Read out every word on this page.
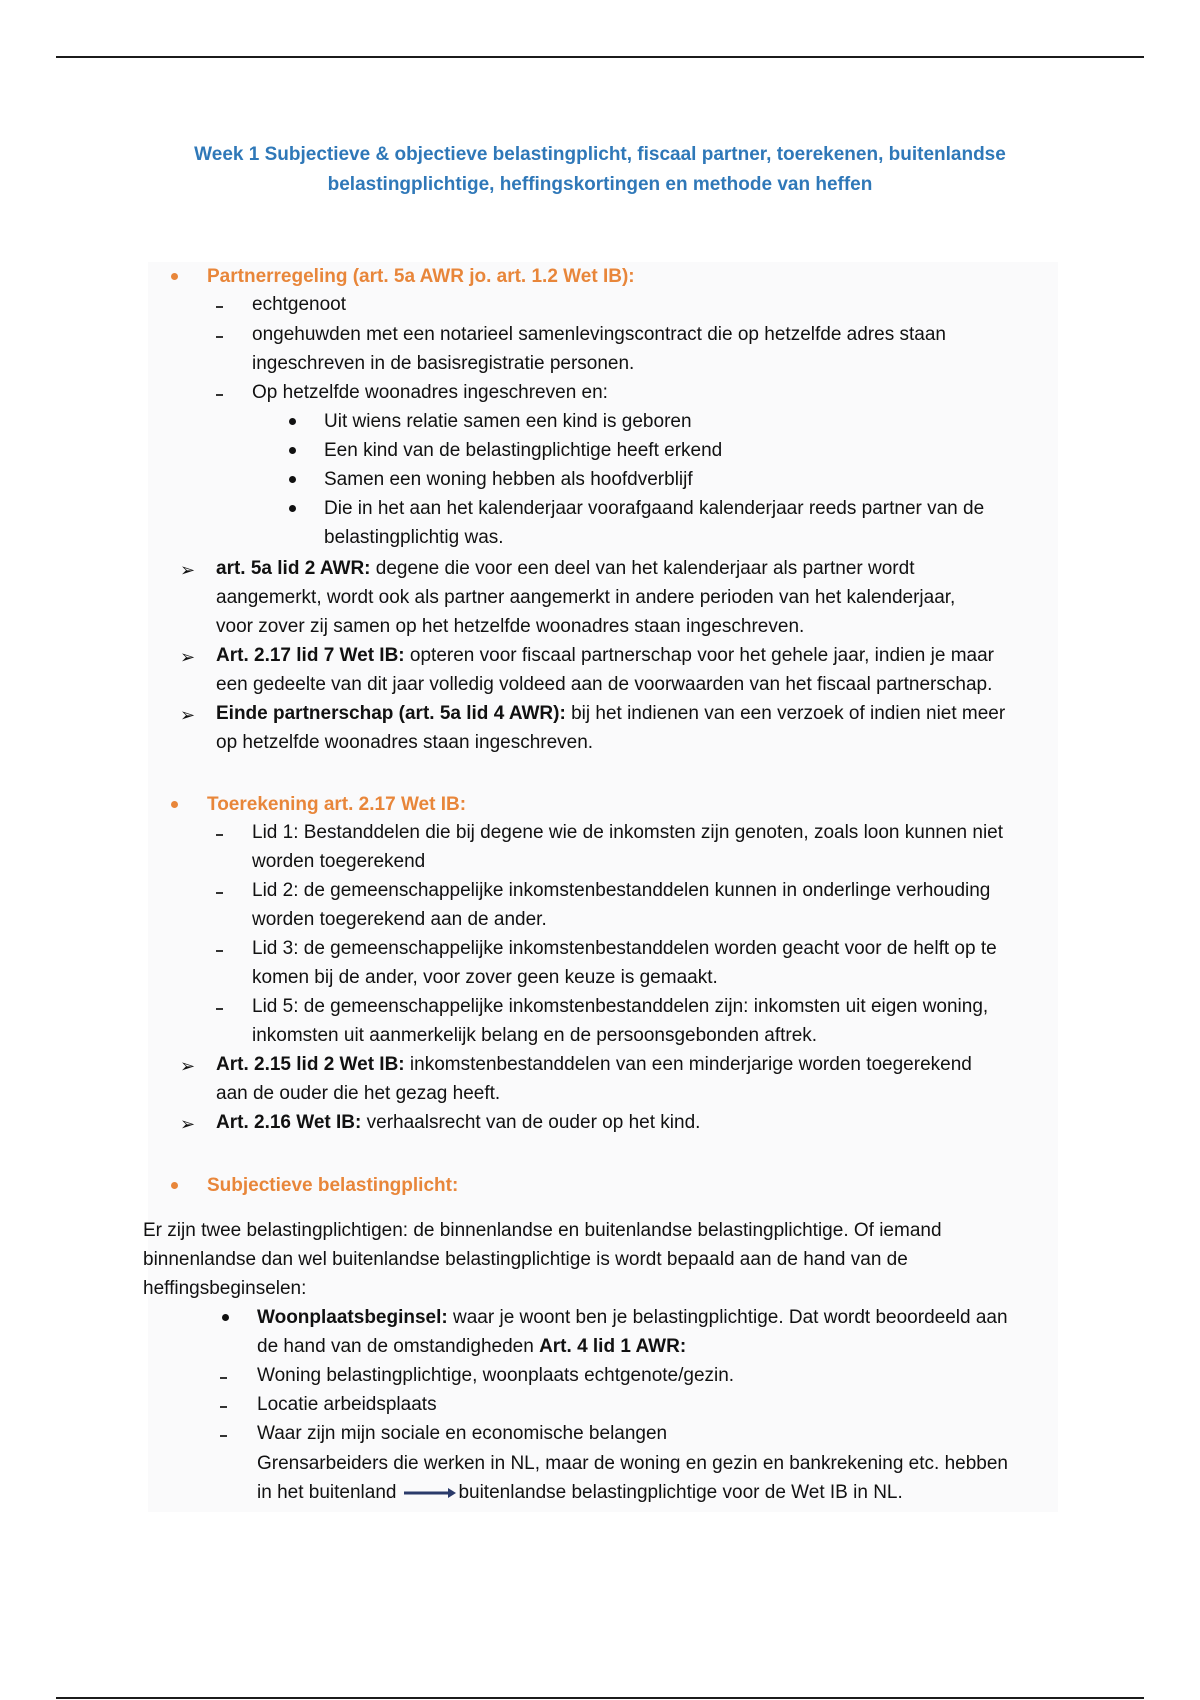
Week 1 Subjectieve & objectieve belastingplicht, fiscaal partner, toerekenen, buitenlandse
belastingplichtige, heffingskortingen en methode van heffen
Partnerregeling (art. 5a AWR jo. art. 1.2 Wet IB):
echtgenoot
ongehuwden met een notarieel samenlevingscontract die op hetzelfde adres staan
ingeschreven in de basisregistratie personen.
Op hetzelfde woonadres ingeschreven en:
Uit wiens relatie samen een kind is geboren
Een kind van de belastingplichtige heeft erkend
Samen een woning hebben als hoofdverblijf
Die in het aan het kalenderjaar voorafgaand kalenderjaar reeds partner van de
belastingplichtig was.
➢ art. 5a lid 2 AWR: degene die voor een deel van het kalenderjaar als partner wordt
aangemerkt, wordt ook als partner aangemerkt in andere perioden van het kalenderjaar,
voor zover zij samen op het hetzelfde woonadres staan ingeschreven.
➢ Art. 2.17 lid 7 Wet IB: opteren voor fiscaal partnerschap voor het gehele jaar, indien je maar
een gedeelte van dit jaar volledig voldeed aan de voorwaarden van het fiscaal partnerschap.
➢ Einde partnerschap (art. 5a lid 4 AWR): bij het indienen van een verzoek of indien niet meer
op hetzelfde woonadres staan ingeschreven.
Toerekening art. 2.17 Wet IB:
Lid 1: Bestanddelen die bij degene wie de inkomsten zijn genoten, zoals loon kunnen niet
worden toegerekend
Lid 2: de gemeenschappelijke inkomstenbestanddelen kunnen in onderlinge verhouding
worden toegerekend aan de ander.
Lid 3: de gemeenschappelijke inkomstenbestanddelen worden geacht voor de helft op te
komen bij de ander, voor zover geen keuze is gemaakt.
Lid 5: de gemeenschappelijke inkomstenbestanddelen zijn: inkomsten uit eigen woning,
inkomsten uit aanmerkelijk belang en de persoonsgebonden aftrek.
➢ Art. 2.15 lid 2 Wet IB: inkomstenbestanddelen van een minderjarige worden toegerekend
aan de ouder die het gezag heeft.
➢ Art. 2.16 Wet IB: verhaalsrecht van de ouder op het kind.
Subjectieve belastingplicht:
Er zijn twee belastingplichtigen: de binnenlandse en buitenlandse belastingplichtige. Of iemand
binnenlandse dan wel buitenlandse belastingplichtige is wordt bepaald aan de hand van de
heffingsbeginselen:
Woonplaatsbeginsel: waar je woont ben je belastingplichtige. Dat wordt beoordeeld aan
de hand van de omstandigheden Art. 4 lid 1 AWR:
Woning belastingplichtige, woonplaats echtgenote/gezin.
Locatie arbeidsplaats
Waar zijn mijn sociale en economische belangen
Grensarbeiders die werken in NL, maar de woning en gezin en bankrekening etc. hebben
in het buitenland	buitenlandse belastingplichtige voor de Wet IB in NL.
